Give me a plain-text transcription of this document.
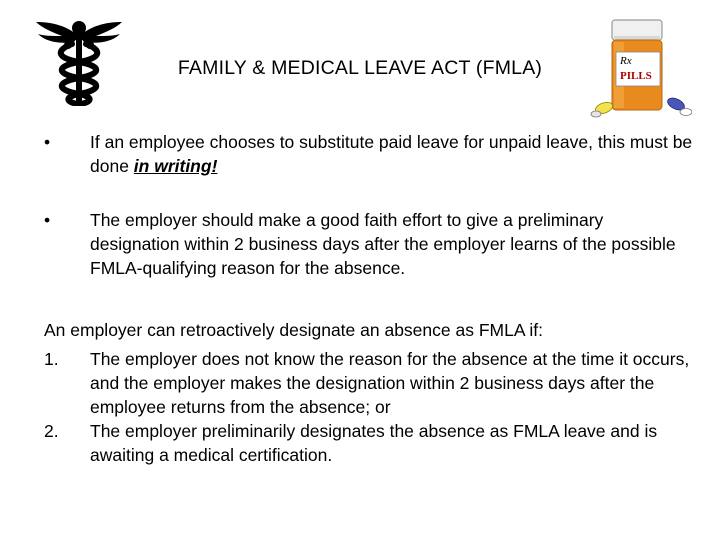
FAMILY & MEDICAL LEAVE ACT (FMLA)	Rx
PILLS
• If an employee chooses to substitute paid leave for unpaid leave, this must be done in writing!
• The employer should make a good faith effort to give a preliminary designation within 2 business days after the employer learns of the possible FMLA-qualifying reason for the absence.

An employer can retroactively designate an absence as FMLA if:

1. The employer does not know the reason for the absence at the time it occurs, and the employer makes the designation within 2 business days after the employee returns from the absence; or
2. The employer preliminarily designates the absence as FMLA leave and is awaiting a medical certification.
